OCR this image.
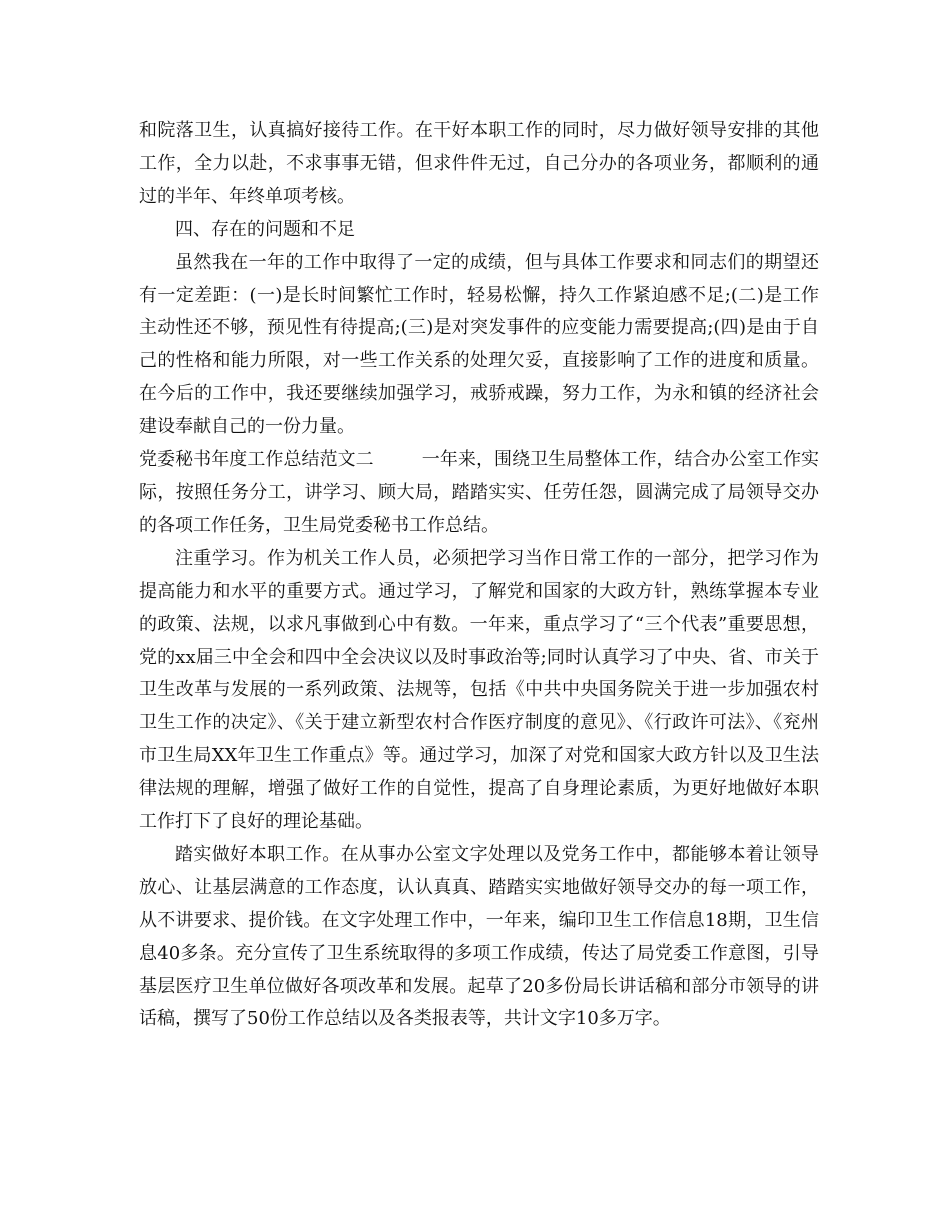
和院落卫生，认真搞好接待工作。在干好本职工作的同时，尽力做好领导安排的其他工作，全力以赴，不求事事无错，但求件件无过，自己分办的各项业务，都顺利的通过的半年、年终单项考核。

四、存在的问题和不足

虽然我在一年的工作中取得了一定的成绩，但与具体工作要求和同志们的期望还有一定差距：(一)是长时间繁忙工作时，轻易松懈，持久工作紧迫感不足;(二)是工作主动性还不够，预见性有待提高;(三)是对突发事件的应变能力需要提高;(四)是由于自己的性格和能力所限，对一些工作关系的处理欠妥，直接影响了工作的进度和质量。在今后的工作中，我还要继续加强学习，戒骄戒躁，努力工作，为永和镇的经济社会建设奉献自己的一份力量。

党委秘书年度工作总结范文二	一年来，围绕卫生局整体工作，结合办公室工作实际，按照任务分工，讲学习、顾大局，踏踏实实、任劳任怨，圆满完成了局领导交办的各项工作任务，卫生局党委秘书工作总结。

注重学习。作为机关工作人员，必须把学习当作日常工作的一部分，把学习作为提高能力和水平的重要方式。通过学习，了解党和国家的大政方针，熟练掌握本专业的政策、法规，以求凡事做到心中有数。一年来，重点学习了“三个代表”重要思想，党的xx届三中全会和四中全会决议以及时事政治等;同时认真学习了中央、省、市关于卫生改革与发展的一系列政策、法规等，包括《中共中央国务院关于进一步加强农村卫生工作的决定》、《关于建立新型农村合作医疗制度的意见》、《行政许可法》、《兖州市卫生局XX年卫生工作重点》等。通过学习，加深了对党和国家大政方针以及卫生法律法规的理解，增强了做好工作的自觉性，提高了自身理论素质，为更好地做好本职工作打下了良好的理论基础。

踏实做好本职工作。在从事办公室文字处理以及党务工作中，都能够本着让领导放心、让基层满意的工作态度，认认真真、踏踏实实地做好领导交办的每一项工作，从不讲要求、提价钱。在文字处理工作中，一年来，编印卫生工作信息18期，卫生信息40多条。充分宣传了卫生系统取得的多项工作成绩，传达了局党委工作意图，引导基层医疗卫生单位做好各项改革和发展。起草了20多份局长讲话稿和部分市领导的讲话稿，撰写了50份工作总结以及各类报表等，共计文字10多万字。
